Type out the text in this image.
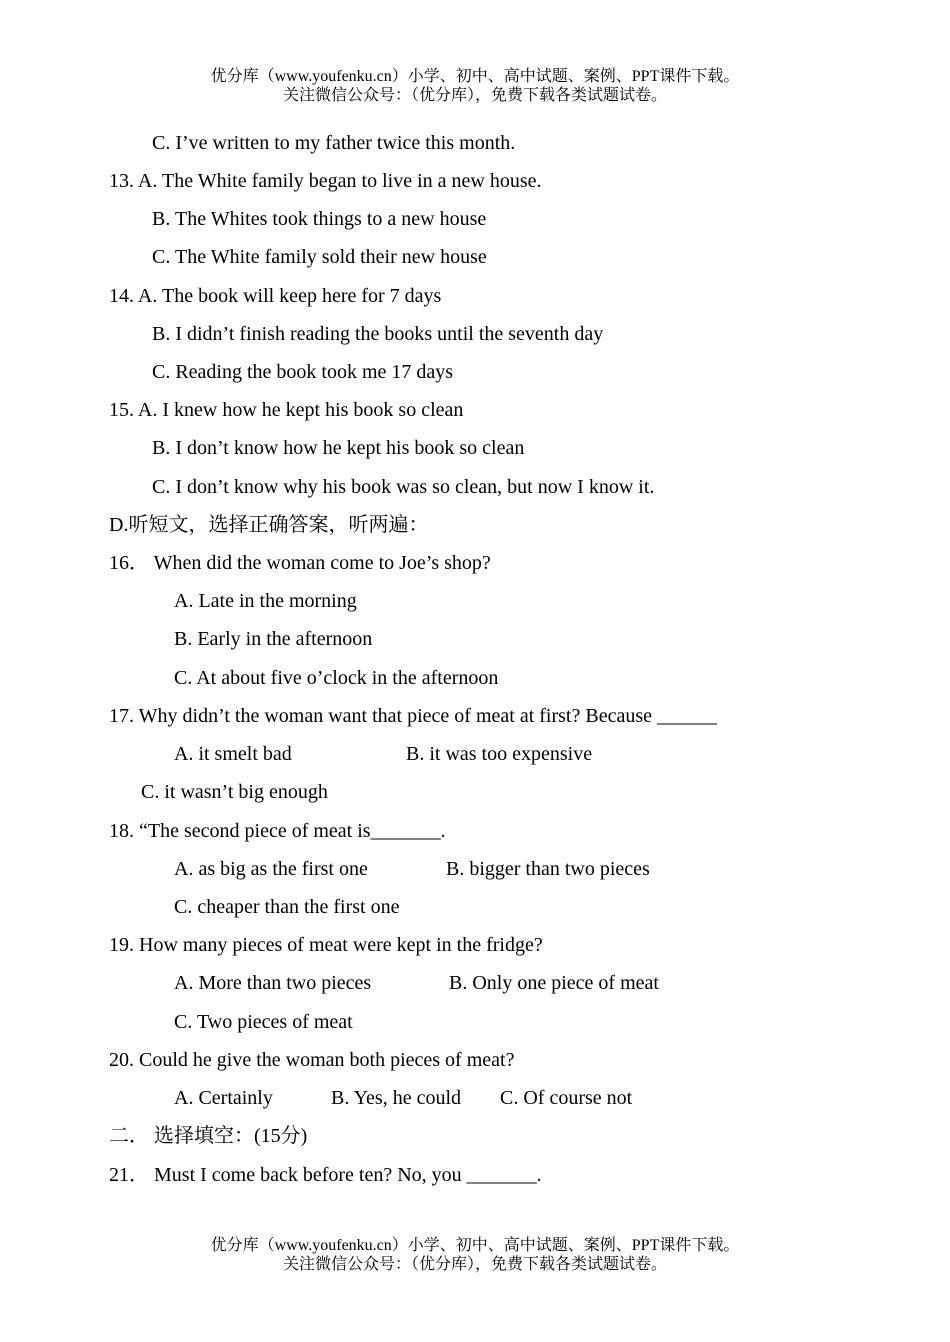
优分库（www.youfenku.cn）小学、初中、高中试题、案例、PPT课件下载。
关注微信公众号：（优分库），免费下载各类试题试卷。
C. I’ve written to my father twice this month.
13. A. The White family began to live in a new house.
B. The Whites took things to a new house
C. The White family sold their new house
14. A. The book will keep here for 7 days
B. I didn’t finish reading the books until the seventh day
C. Reading the book took me 17 days
15. A. I knew how he kept his book so clean
B. I don’t know how he kept his book so clean
C. I don’t know why his book was so clean, but now I know it.
D.听短文，选择正确答案，听两遍：
16． When did the woman come to Joe’s shop?
A. Late in the morning
B. Early in the afternoon
C. At about five o’clock in the afternoon
17. Why didn’t the woman want that piece of meat at first? Because ______
A. it smelt bad	B. it was too expensive
C. it wasn’t big enough
18. “The second piece of meat is_______.
A. as big as the first one	B. bigger than two pieces
C. cheaper than the first one
19. How many pieces of meat were kept in the fridge?
A. More than two pieces	B. Only one piece of meat
C. Two pieces of meat
20. Could he give the woman both pieces of meat?
A. Certainly	B. Yes, he could C. Of course not
二． 选择填空：(15分)
21． Must I come back before ten? No, you _______.
优分库（www.youfenku.cn）小学、初中、高中试题、案例、PPT课件下载。
关注微信公众号：（优分库），免费下载各类试题试卷。
